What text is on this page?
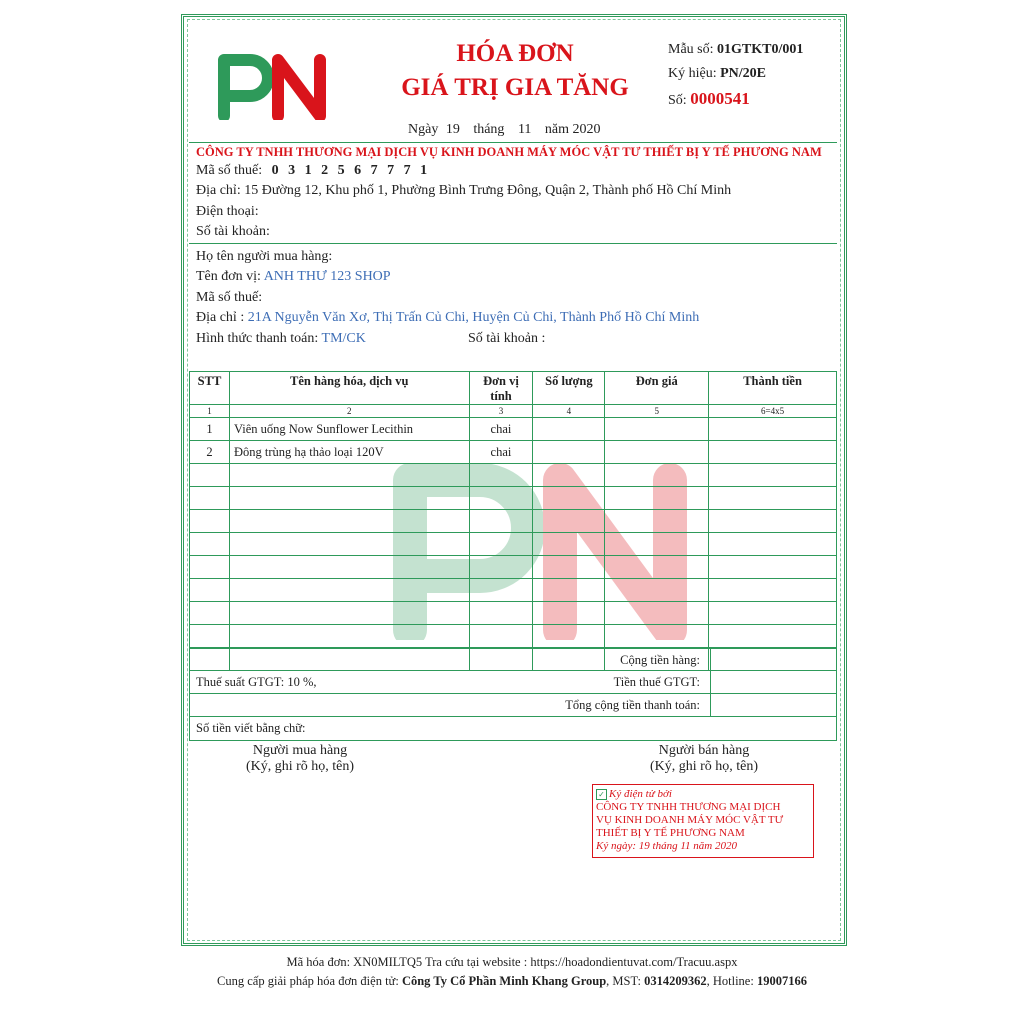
HÓA ĐƠN
GIÁ TRỊ GIA TĂNG
Mẫu số: 01GTKT0/001
Ký hiệu: PN/20E
Số: 0000541
Ngày 19 tháng 11 năm 2020
CÔNG TY TNHH THƯƠNG MẠI DỊCH VỤ KINH DOANH MÁY MÓC VẬT TƯ THIẾT BỊ Y TẾ PHƯƠNG NAM
Mã số thuế: 0 3 1 2 5 6 7 7 7 1
Địa chỉ: 15 Đường 12, Khu phố 1, Phường Bình Trưng Đông, Quận 2, Thành phố Hồ Chí Minh
Điện thoại:
Số tài khoản:
Họ tên người mua hàng:
Tên đơn vị: ANH THƯ 123 SHOP
Mã số thuế:
Địa chỉ : 21A Nguyễn Văn Xơ, Thị Trấn Củ Chi, Huyện Củ Chi, Thành Phố Hồ Chí Minh
Hình thức thanh toán: TM/CK	Số tài khoản :
STT	Tên hàng hóa, dịch vụ	Đơn vị tính	Số lượng	Đơn giá	Thành tiền
1	2	3	4	5	6=4x5
1	Viên uống Now Sunflower Lecithin	chai			
2	Đông trùng hạ thảo loại 120V	chai			

Cộng tiền hàng:
Thuế suất GTGT: 10 %,	Tiền thuế GTGT:
Tổng cộng tiền thanh toán:
Số tiền viết bằng chữ:
Người mua hàng
(Ký, ghi rõ họ, tên)
Người bán hàng
(Ký, ghi rõ họ, tên)
✓ Ký điện tử bởi
CÔNG TY TNHH THƯƠNG MẠI DỊCH
VỤ KINH DOANH MÁY MÓC VẬT TƯ
THIẾT BỊ Y TẾ PHƯƠNG NAM
Ký ngày: 19 tháng 11 năm 2020
Mã hóa đơn: XN0MILTQ5 Tra cứu tại website : https://hoadondientuvat.com/Tracuu.aspx
Cung cấp giải pháp hóa đơn điện tử: Công Ty Cổ Phần Minh Khang Group, MST: 0314209362, Hotline: 19007166
